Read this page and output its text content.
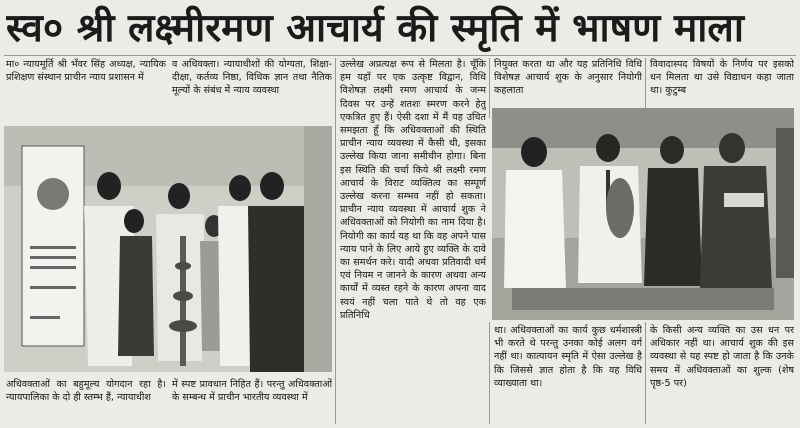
स्व० श्री लक्ष्मीरमण आचार्य की स्मृति में भाषण माला

मा० न्यायमूर्ति श्री भँवर सिंह अध्यक्ष, न्यायिक प्रशिक्षण संस्थान प्राचीन न्याय प्रशासन में

व अधिवक्ता। न्यायाधीशों की योग्यता, शिक्षा-दीक्षा, कर्तव्य निष्ठा, विधिक ज्ञान तथा नैतिक मूल्यों के संबंध में न्याय व्यवस्था

उल्लेख अप्रत्यक्ष रूप से मिलता है। चूँकि हम यहाँ पर एक उत्कृष्ट विद्वान, विधि विशेषज्ञ लक्ष्मी रमण आचार्य के जन्म दिवस पर उन्हें शतशः स्मरण करने हेतु एकत्रित हुए हैं। ऐसी दशा में मैं यह उचित समझता हूँ कि अधिवक्ताओं की स्थिति प्राचीन न्याय व्यवस्था में कैसी थी, इसका उल्लेख किया जाना समीचीन होगा। बिना इस स्थिति की चर्चा किये श्री लक्ष्मी रमण आचार्य के विराट व्यक्तित्व का सम्पूर्ण उल्लेख करना सम्भव नहीं हो सकता। प्राचीन न्याय व्यवस्था में आचार्य शुक ने अधिवक्ताओं को नियोगी का नाम दिया है। नियोगी का कार्य यह था कि वह अपने पास न्याय पाने के लिए आये हुए व्यक्ति के दावे का समर्थन करे। वादी अथवा प्रतिवादी धर्म एवं नियम न जानने के कारण अथवा अन्य कार्यों में व्यस्त रहने के कारण अपना वाद स्वयं नहीं चला पाते थे तो वह एक प्रतिनिधि

नियुक्त करता था और यह प्रतिनिधि विधि विशेषज्ञ आचार्य शुक के अनुसार नियोगी कहलाता

विवादास्पद विषयों के निर्णय पर इसको धन मिलता था उसे विद्याधन कहा जाता था। कुटुम्ब

अधिवक्ताओं का बहुमूल्य योगदान रहा है। न्यायपालिका के दो ही स्तम्भ हैं, न्यायाधीश

में स्पष्ट प्रावधान निहित हैं। परन्तु अधिवक्ताओं के सम्बन्ध में प्राचीन भारतीय व्यवस्था में

था। अधिवक्ताओं का कार्य कुछ धर्मशास्त्री भी करते थे परन्तु उनका कोई अलग वर्ग नहीं था। कात्यायन स्मृति में ऐसा उल्लेख है कि जिससे ज्ञात होता है कि वह विधि व्याख्याता था।

के किसी अन्य व्यक्ति का उस धन पर अधिकार नहीं था। आचार्य शुक की इस व्यवस्था से यह स्पष्ट हो जाता है कि उनके समय में अधिवक्ताओं का शुल्क (शेष पृष्ठ-5 पर)
